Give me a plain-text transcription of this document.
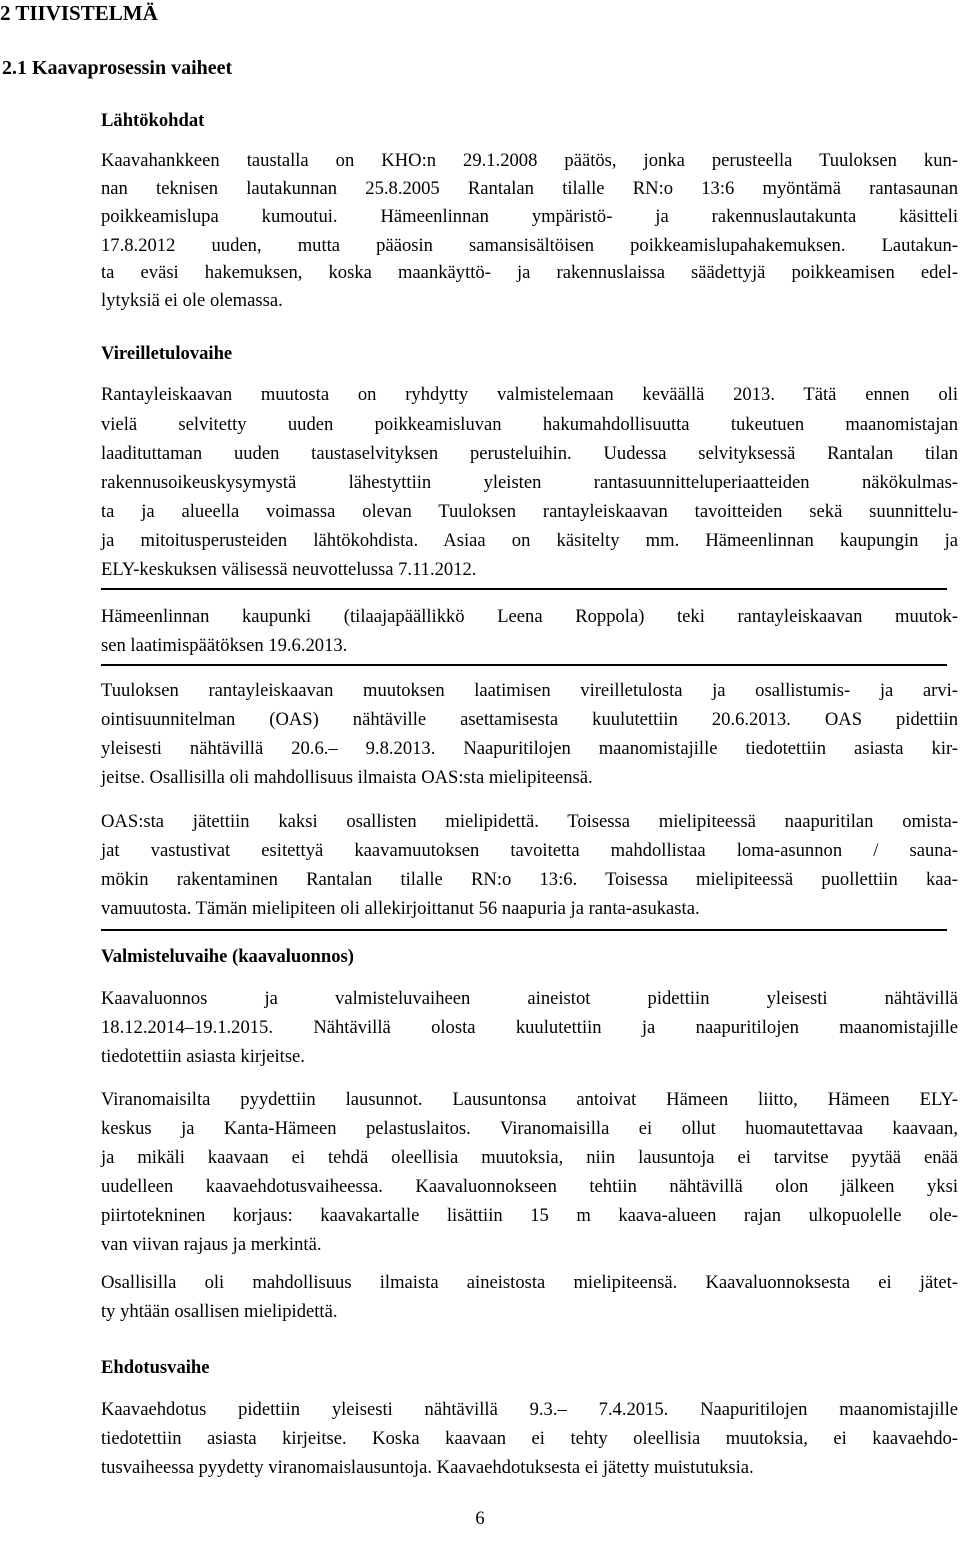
2 TIIVISTELMÄ

2.1 Kaavaprosessin vaiheet

Lähtökohdat

Kaavahankkeen taustalla on KHO:n 29.1.2008 päätös, jonka perusteella Tuuloksen kun-

nan teknisen lautakunnan 25.8.2005 Rantalan tilalle RN:o 13:6 myöntämä rantasaunan

poikkeamislupa kumoutui. Hämeenlinnan ympäristö- ja rakennuslautakunta käsitteli

17.8.2012 uuden, mutta pääosin samansisältöisen poikkeamislupahakemuksen. Lautakun-

ta eväsi hakemuksen, koska maankäyttö- ja rakennuslaissa säädettyjä poikkeamisen edel-

lytyksiä ei ole olemassa.

Vireilletulovaihe

Rantayleiskaavan muutosta on ryhdytty valmistelemaan keväällä 2013. Tätä ennen oli

vielä selvitetty uuden poikkeamisluvan hakumahdollisuutta tukeutuen maanomistajan

laadituttaman uuden taustaselvityksen perusteluihin. Uudessa selvityksessä Rantalan tilan

rakennusoikeuskysymystä lähestyttiin yleisten rantasuunnitteluperiaatteiden näkökulmas-

ta ja alueella voimassa olevan Tuuloksen rantayleiskaavan tavoitteiden sekä suunnittelu-

ja mitoitusperusteiden lähtökohdista. Asiaa on käsitelty mm. Hämeenlinnan kaupungin ja

ELY-keskuksen välisessä neuvottelussa 7.11.2012.

Hämeenlinnan kaupunki (tilaajapäällikkö Leena Roppola) teki rantayleiskaavan muutok-

sen laatimispäätöksen 19.6.2013.

Tuuloksen rantayleiskaavan muutoksen laatimisen vireilletulosta ja osallistumis- ja arvi-

ointisuunnitelman (OAS) nähtäville asettamisesta kuulutettiin 20.6.2013. OAS pidettiin

yleisesti nähtävillä 20.6.– 9.8.2013. Naapuritilojen maanomistajille tiedotettiin asiasta kir-

jeitse. Osallisilla oli mahdollisuus ilmaista OAS:sta mielipiteensä.

OAS:sta jätettiin kaksi osallisten mielipidettä. Toisessa mielipiteessä naapuritilan omista-

jat vastustivat esitettyä kaavamuutoksen tavoitetta mahdollistaa loma-asunnon / sauna-

mökin rakentaminen Rantalan tilalle RN:o 13:6. Toisessa mielipiteessä puollettiin kaa-

vamuutosta. Tämän mielipiteen oli allekirjoittanut 56 naapuria ja ranta-asukasta.

Valmisteluvaihe (kaavaluonnos)

Kaavaluonnos ja valmisteluvaiheen aineistot pidettiin yleisesti nähtävillä

18.12.2014–19.1.2015. Nähtävillä olosta kuulutettiin ja naapuritilojen maanomistajille

tiedotettiin asiasta kirjeitse.

Viranomaisilta pyydettiin lausunnot. Lausuntonsa antoivat Hämeen liitto, Hämeen ELY-

keskus ja Kanta-Hämeen pelastuslaitos. Viranomaisilla ei ollut huomautettavaa kaavaan,

ja mikäli kaavaan ei tehdä oleellisia muutoksia, niin lausuntoja ei tarvitse pyytää enää

uudelleen kaavaehdotusvaiheessa. Kaavaluonnokseen tehtiin nähtävillä olon jälkeen yksi

piirtotekninen korjaus: kaavakartalle lisättiin 15 m kaava-alueen rajan ulkopuolelle ole-

van viivan rajaus ja merkintä.

Osallisilla oli mahdollisuus ilmaista aineistosta mielipiteensä. Kaavaluonnoksesta ei jätet-

ty yhtään osallisen mielipidettä.

Ehdotusvaihe

Kaavaehdotus pidettiin yleisesti nähtävillä 9.3.– 7.4.2015. Naapuritilojen maanomistajille

tiedotettiin asiasta kirjeitse. Koska kaavaan ei tehty oleellisia muutoksia, ei kaavaehdo-

tusvaiheessa pyydetty viranomaislausuntoja. Kaavaehdotuksesta ei jätetty muistutuksia.

6
